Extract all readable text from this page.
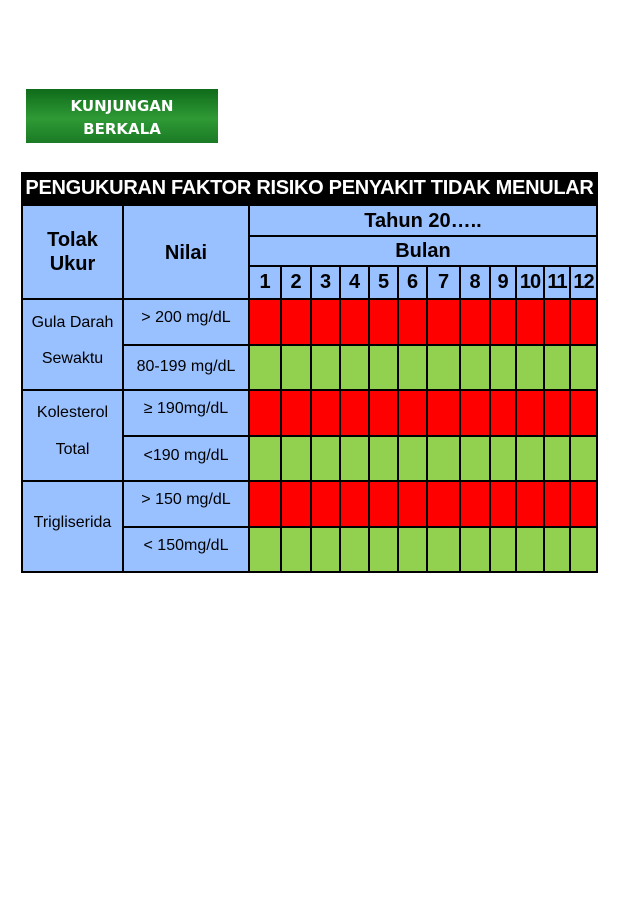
KUNJUNGAN
BERKALA
PENGUKURAN FAKTOR RISIKO PENYAKIT TIDAK MENULAR
Tolak
Ukur	Nilai
Tahun 20…..
Bulan
1 2 3 4 5 6 7	8 9 10 11 12
Gula Darah
Sewaktu
Kolesterol
Total
Trigliserida
> 200 mg/dL
80-199 mg/dL
≥ 190mg/dL
<190 mg/dL
> 150 mg/dL
< 150mg/dL
